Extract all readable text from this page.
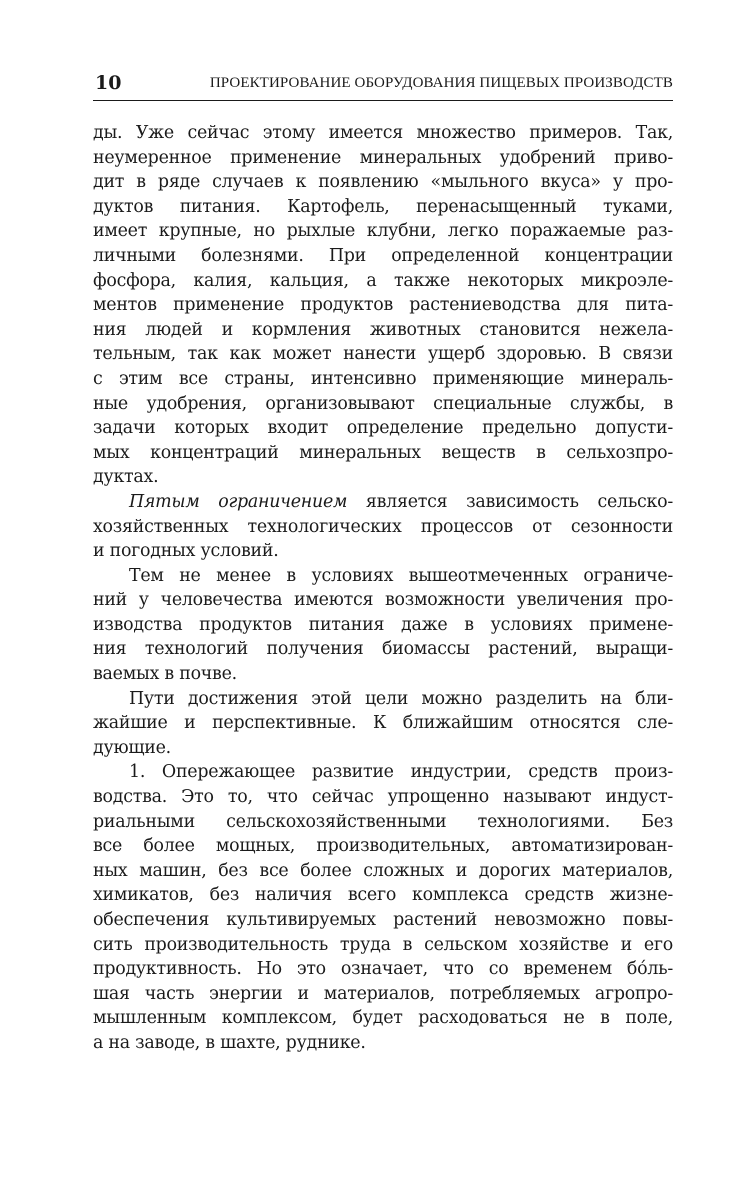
10	ПРОЕКТИРОВАНИЕ ОБОРУДОВАНИЯ ПИЩЕВЫХ ПРОИЗВОДСТВ

ды. Уже сейчас этому имеется множество примеров. Так,

неумеренное применение минеральных удобрений приво-

дит в ряде случаев к появлению «мыльного вкуса» у про-

дуктов питания. Картофель, перенасыщенный туками,

имеет крупные, но рыхлые клубни, легко поражаемые раз-

личными болезнями. При определенной концентрации

фосфора, калия, кальция, а также некоторых микроэле-

ментов применение продуктов растениеводства для пита-

ния людей и кормления животных становится нежела-

тельным, так как может нанести ущерб здоровью. В связи

с этим все страны, интенсивно применяющие минераль-

ные удобрения, организовывают специальные службы, в

задачи которых входит определение предельно допусти-

мых концентраций минеральных веществ в сельхозпро-

дуктах.

Пятым ограничением является зависимость сельско-

хозяйственных технологических процессов от сезонности

и погодных условий.

Тем не менее в условиях вышеотмеченных ограниче-

ний у человечества имеются возможности увеличения про-

изводства продуктов питания даже в условиях примене-

ния технологий получения биомассы растений, выращи-

ваемых в почве.

Пути достижения этой цели можно разделить на бли-

жайшие и перспективные. К ближайшим относятся сле-

дующие.

1. Опережающее развитие индустрии, средств произ-

водства. Это то, что сейчас упрощенно называют индуст-

риальными сельскохозяйственными технологиями. Без

все более мощных, производительных, автоматизирован-

ных машин, без все более сложных и дорогих материалов,

химикатов, без наличия всего комплекса средств жизне-

обеспечения культивируемых растений невозможно повы-

сить производительность труда в сельском хозяйстве и его

продуктивность. Но это означает, что со временем бо́ль-

шая часть энергии и материалов, потребляемых агропро-

мышленным комплексом, будет расходоваться не в поле,

а на заводе, в шахте, руднике.
